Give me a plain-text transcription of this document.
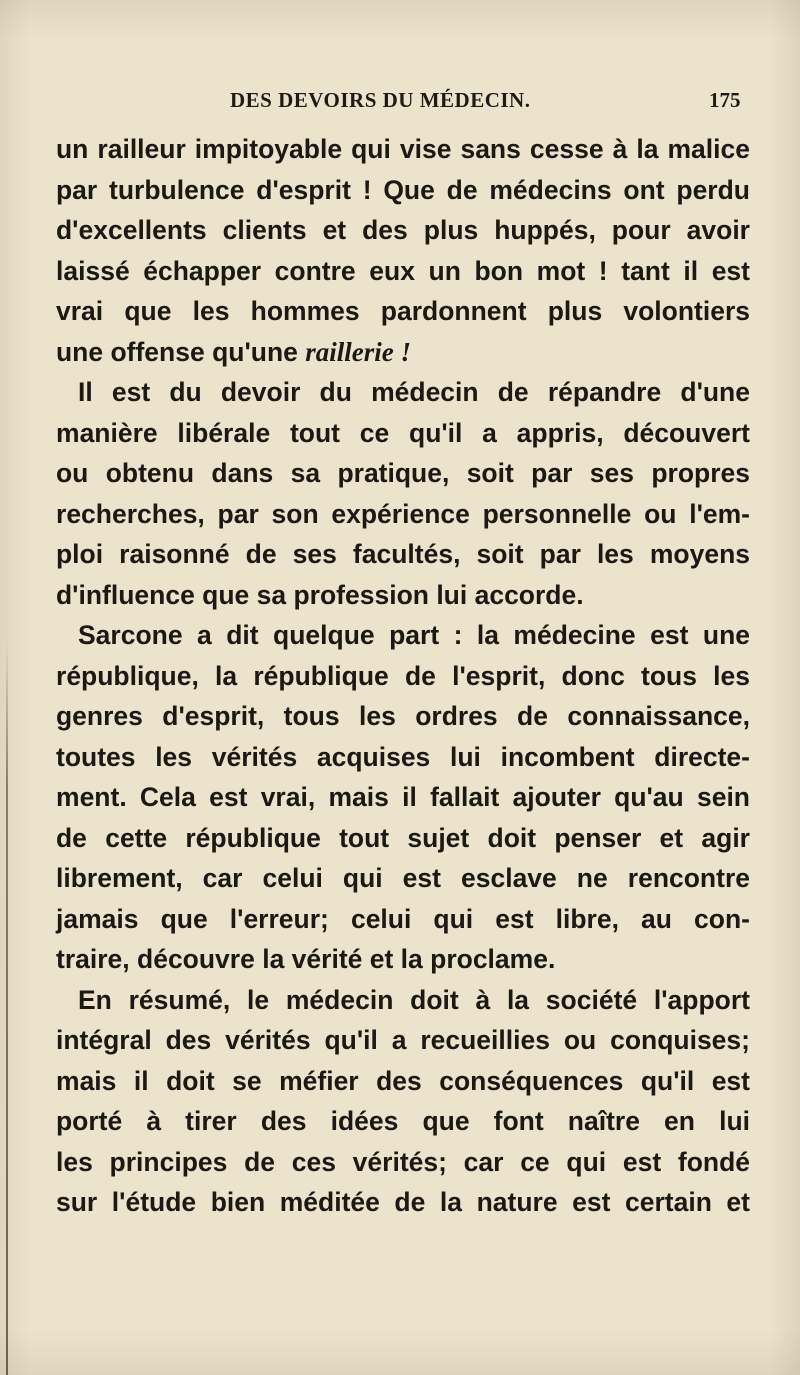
DES DEVOIRS DU MÉDECIN.	175
un railleur impitoyable qui vise sans cesse à la malice
par turbulence d'esprit ! Que de médecins ont perdu
d'excellents clients et des plus huppés, pour avoir
laissé échapper contre eux un bon mot ! tant il est
vrai que les hommes pardonnent plus volontiers
une offense qu'une raillerie !
Il est du devoir du médecin de répandre d'une
manière libérale tout ce qu'il a appris, découvert
ou obtenu dans sa pratique, soit par ses propres
recherches, par son expérience personnelle ou l'em-
ploi raisonné de ses facultés, soit par les moyens
d'influence que sa profession lui accorde.
Sarcone a dit quelque part : la médecine est une
république, la république de l'esprit, donc tous les
genres d'esprit, tous les ordres de connaissance,
toutes les vérités acquises lui incombent directe-
ment. Cela est vrai, mais il fallait ajouter qu'au sein
de cette république tout sujet doit penser et agir
librement, car celui qui est esclave ne rencontre
jamais que l'erreur; celui qui est libre, au con-
traire, découvre la vérité et la proclame.
En résumé, le médecin doit à la société l'apport
intégral des vérités qu'il a recueillies ou conquises;
mais il doit se méfier des conséquences qu'il est
porté à tirer des idées que font naître en lui
les principes de ces vérités; car ce qui est fondé
sur l'étude bien méditée de la nature est certain et
